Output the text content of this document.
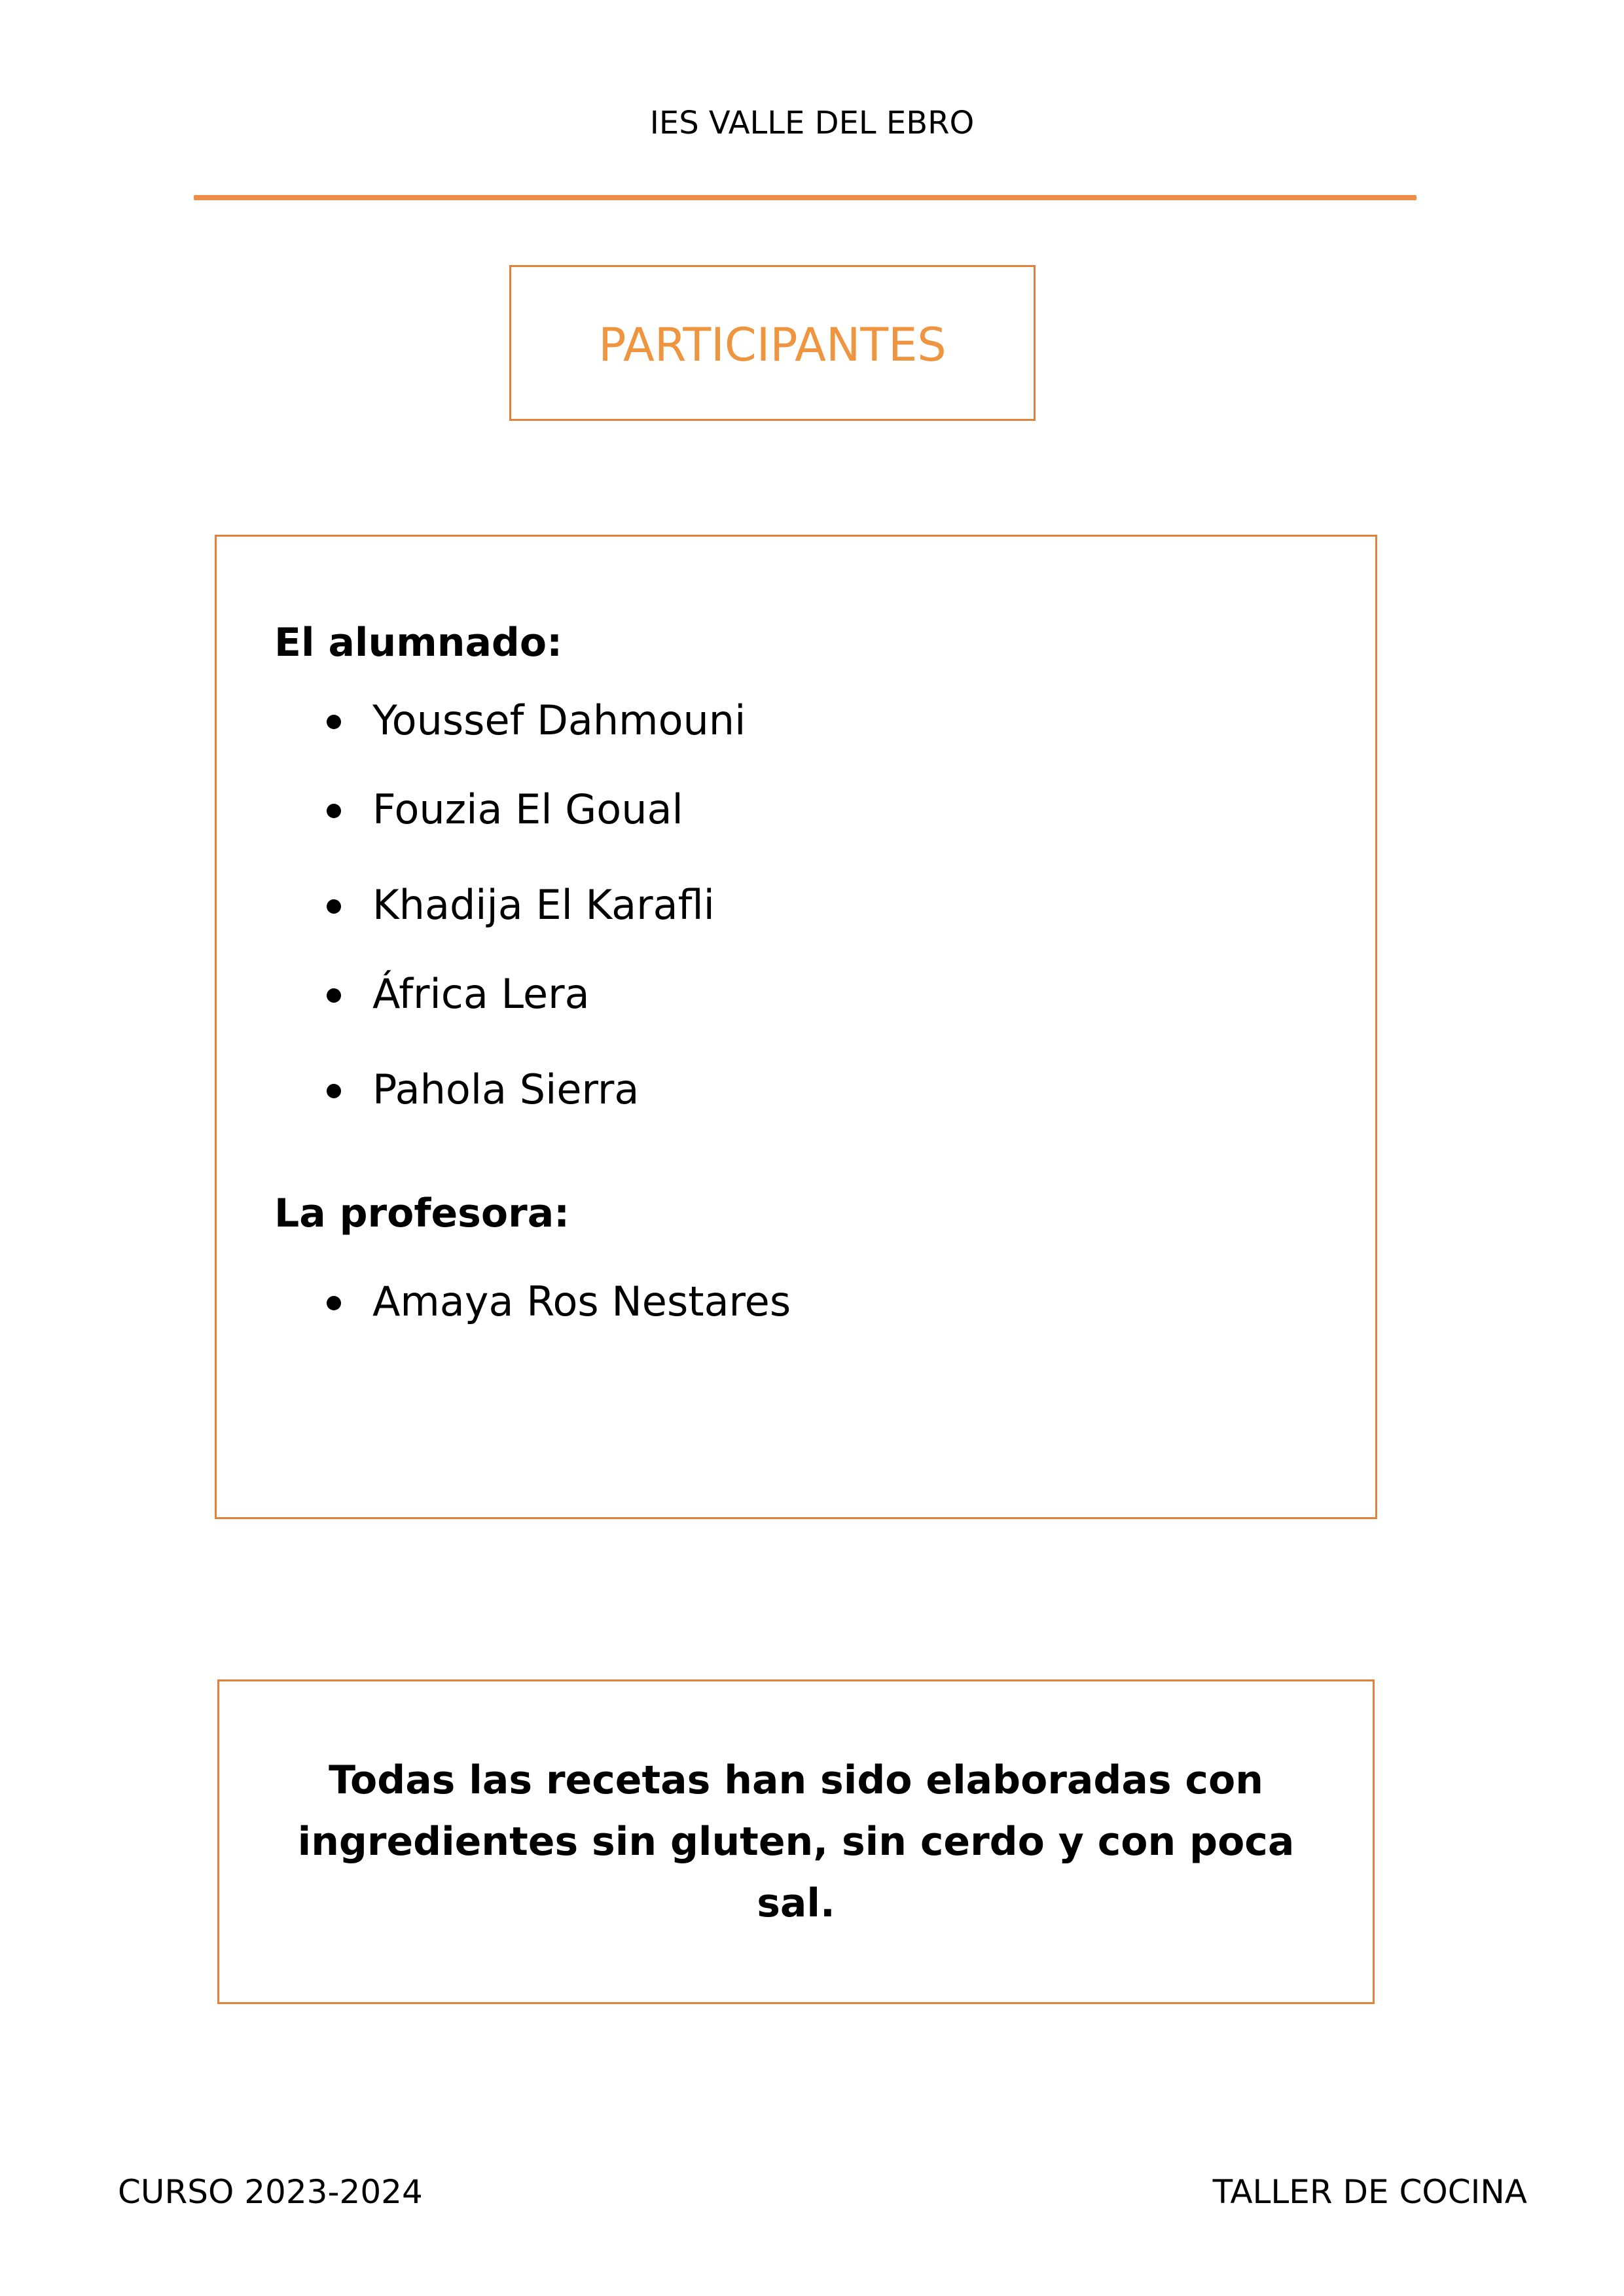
IES VALLE DEL EBRO
PARTICIPANTES
El alumnado:
Youssef Dahmouni
Fouzia El Goual
Khadija El Karafli
África Lera
Pahola Sierra
La profesora:
Amaya Ros Nestares
Todas las recetas han sido elaboradas con ingredientes sin gluten, sin cerdo y con poca sal.
CURSO 2023-2024	TALLER DE COCINA
